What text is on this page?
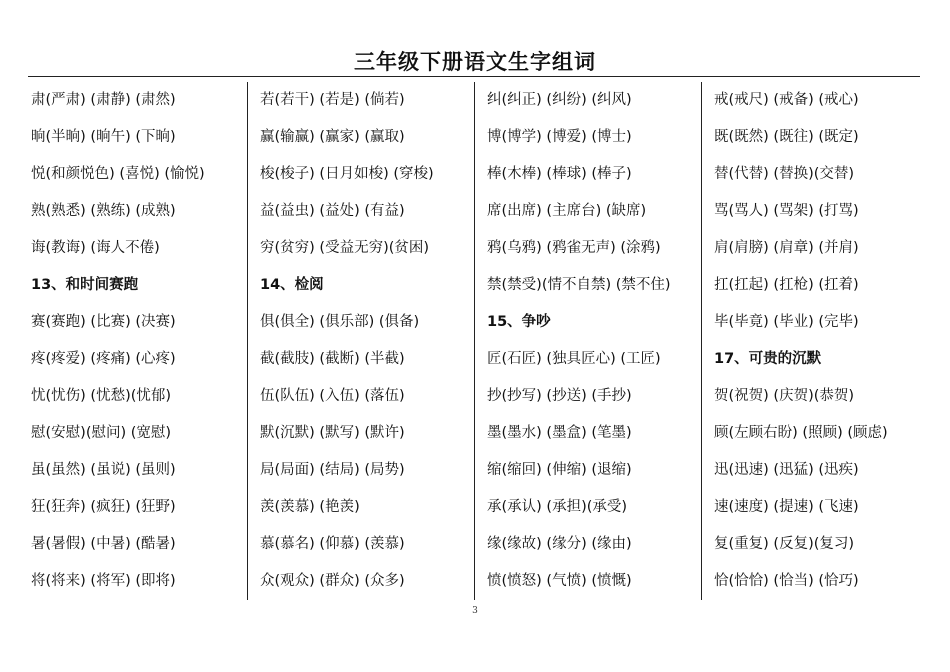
三年级下册语文生字组词
肃(严肃) (肃静) (肃然)
晌(半晌) (晌午) (下晌)
悦(和颜悦色) (喜悦) (愉悦)
熟(熟悉) (熟练) (成熟)
诲(教诲) (诲人不倦)
13、和时间赛跑
赛(赛跑) (比赛) (决赛)
疼(疼爱) (疼痛) (心疼)
忧(忧伤) (忧愁)(忧郁)
慰(安慰)(慰问) (宽慰)
虽(虽然) (虽说) (虽则)
狂(狂奔) (疯狂) (狂野)
暑(暑假) (中暑) (酷暑)
将(将来) (将军) (即将)
若(若干) (若是) (倘若)
赢(输赢) (赢家) (赢取)
梭(梭子) (日月如梭) (穿梭)
益(益虫) (益处) (有益)
穷(贫穷) (受益无穷)(贫困)
14、检阅
俱(俱全) (俱乐部) (俱备)
截(截肢) (截断) (半截)
伍(队伍) (入伍) (落伍)
默(沉默) (默写) (默许)
局(局面) (结局) (局势)
羡(羡慕) (艳羡)
慕(慕名) (仰慕) (羡慕)
众(观众) (群众) (众多)
纠(纠正) (纠纷) (纠风)
博(博学) (博爱) (博士)
棒(木棒) (棒球) (棒子)
席(出席) (主席台) (缺席)
鸦(乌鸦) (鸦雀无声) (涂鸦)
禁(禁受)(情不自禁) (禁不住)
15、争吵
匠(石匠) (独具匠心) (工匠)
抄(抄写) (抄送) (手抄)
墨(墨水) (墨盒) (笔墨)
缩(缩回) (伸缩) (退缩)
承(承认) (承担)(承受)
缘(缘故) (缘分) (缘由)
愤(愤怒) (气愤) (愤慨)
戒(戒尺) (戒备) (戒心)
既(既然) (既往) (既定)
替(代替) (替换)(交替)
骂(骂人) (骂架) (打骂)
肩(肩膀) (肩章) (并肩)
扛(扛起) (扛枪) (扛着)
毕(毕竟) (毕业) (完毕)
17、可贵的沉默
贺(祝贺) (庆贺)(恭贺)
顾(左顾右盼) (照顾) (顾虑)
迅(迅速) (迅猛) (迅疾)
速(速度) (提速) (飞速)
复(重复) (反复)(复习)
恰(恰恰) (恰当) (恰巧)
3
